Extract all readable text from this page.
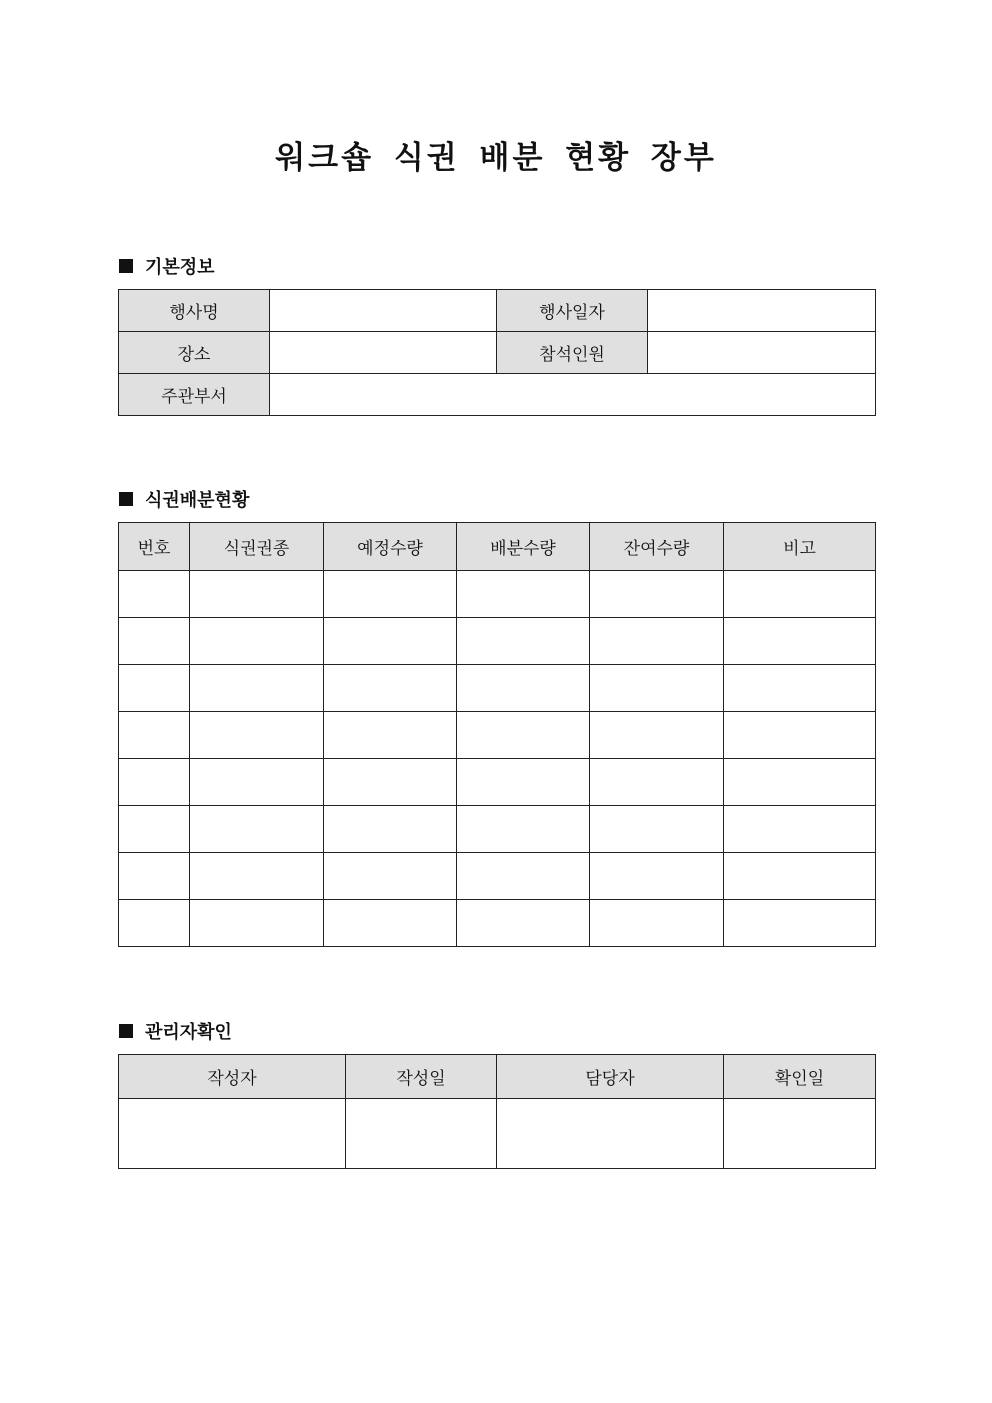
워크숍 식권 배분 현황 장부
기본정보
행사명		행사일자	
장소		참석인원	
주관부서			
식권배분현황
번호	식권권종	예정수량	배분수량	잔여수량	비고

관리자확인
작성자	작성일	담당자	확인일
